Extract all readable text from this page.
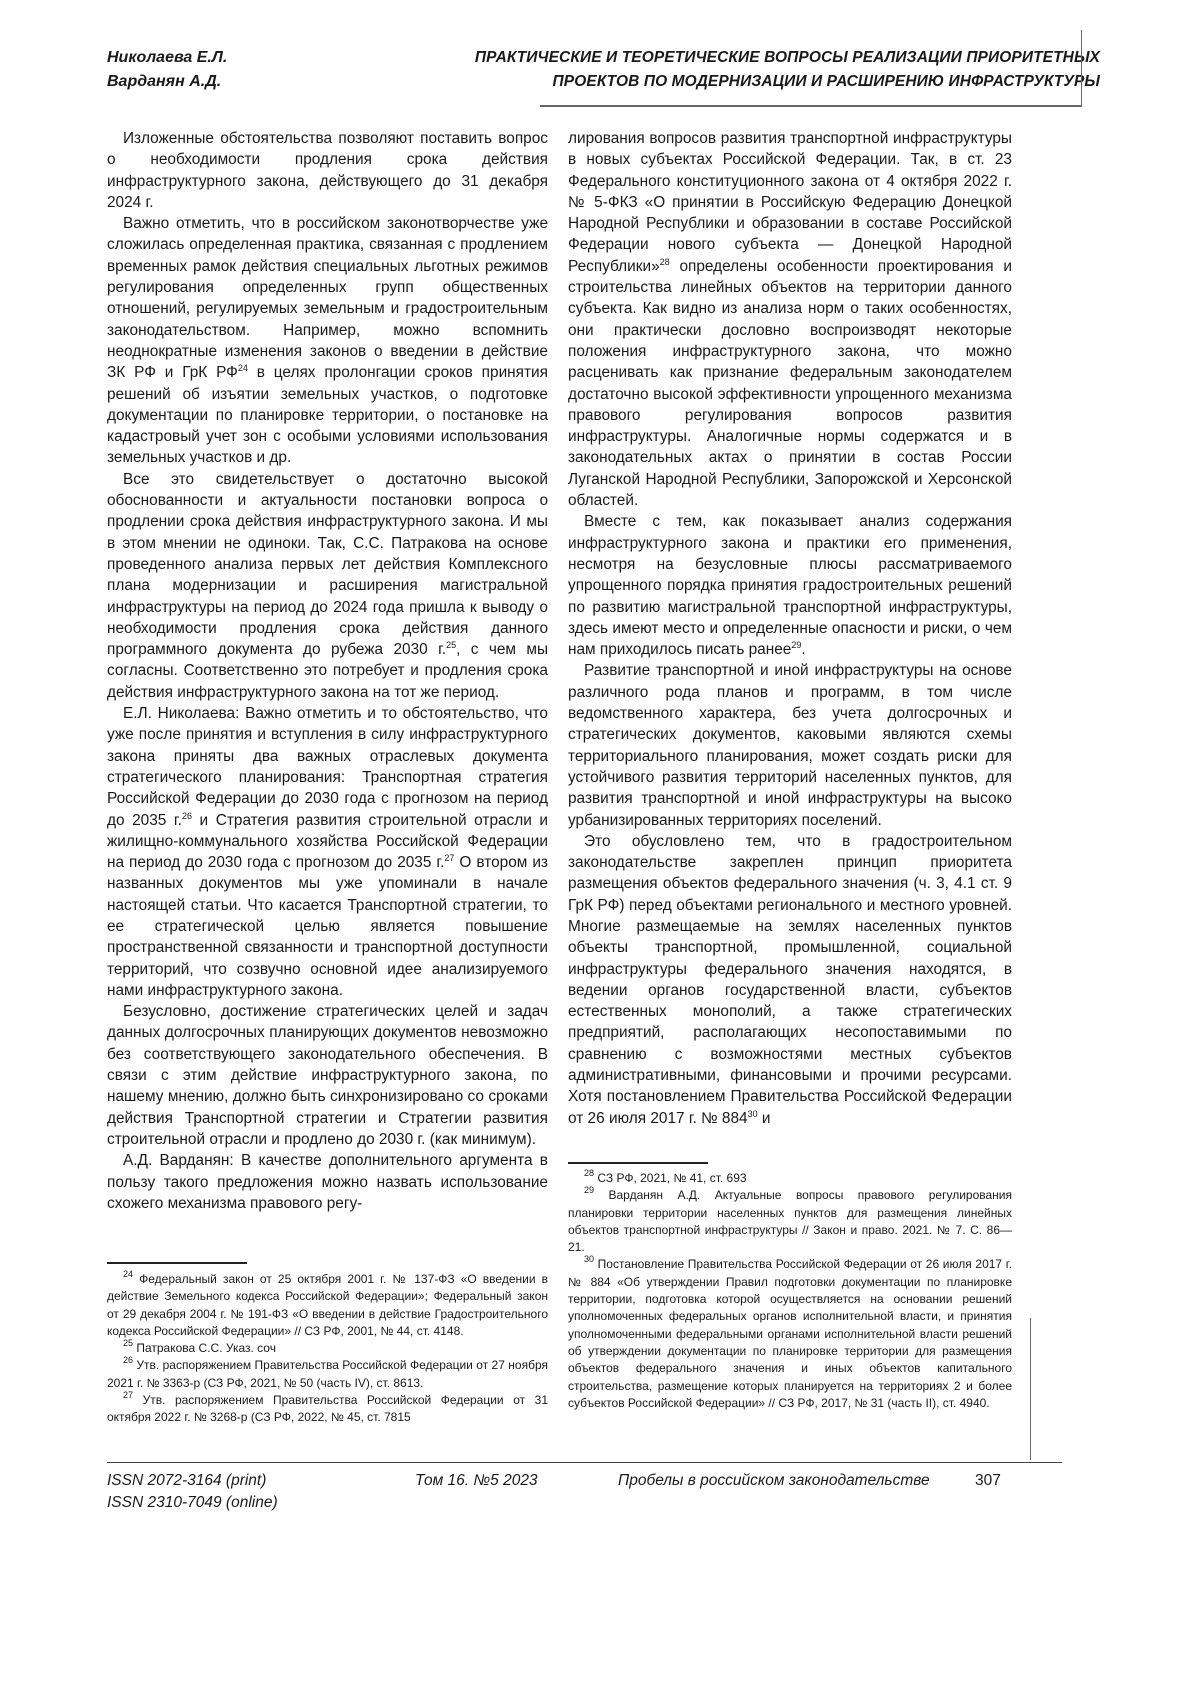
Николаева Е.Л.
Варданян А.Д.
ПРАКТИЧЕСКИЕ И ТЕОРЕТИЧЕСКИЕ ВОПРОСЫ РЕАЛИЗАЦИИ ПРИОРИТЕТНЫХ
ПРОЕКТОВ ПО МОДЕРНИЗАЦИИ И РАСШИРЕНИЮ ИНФРАСТРУКТУРЫ

Изложенные обстоятельства позволяют поставить вопрос о необходимости продления срока действия инфраструктурного закона, действующего до 31 декабря 2024 г.

Важно отметить, что в российском законотворчестве уже сложилась определенная практика, связанная с продлением временных рамок действия специальных льготных режимов регулирования определенных групп общественных отношений, регулируемых земельным и градостроительным законодательством. Например, можно вспомнить неоднократные изменения законов о введении в действие ЗК РФ и ГрК РФ24 в целях пролонгации сроков принятия решений об изъятии земельных участков, о подготовке документации по планировке территории, о постановке на кадастровый учет зон с особыми условиями использования земельных участков и др.

Все это свидетельствует о достаточно высокой обоснованности и актуальности постановки вопроса о продлении срока действия инфраструктурного закона. И мы в этом мнении не одиноки. Так, С.С. Патракова на основе проведенного анализа первых лет действия Комплексного плана модернизации и расширения магистральной инфраструктуры на период до 2024 года пришла к выводу о необходимости продления срока действия данного программного документа до рубежа 2030 г.25, с чем мы согласны. Соответственно это потребует и продления срока действия инфраструктурного закона на тот же период.

Е.Л. Николаева: Важно отметить и то обстоятельство, что уже после принятия и вступления в силу инфраструктурного закона приняты два важных отраслевых документа стратегического планирования: Транспортная стратегия Российской Федерации до 2030 года с прогнозом на период до 2035 г.26 и Стратегия развития строительной отрасли и жилищно-коммунального хозяйства Российской Федерации на период до 2030 года с прогнозом до 2035 г.27 О втором из названных документов мы уже упоминали в начале настоящей статьи. Что касается Транспортной стратегии, то ее стратегической целью является повышение пространственной связанности и транспортной доступности территорий, что созвучно основной идее анализируемого нами инфраструктурного закона.

Безусловно, достижение стратегических целей и задач данных долгосрочных планирующих документов невозможно без соответствующего законодательного обеспечения. В связи с этим действие инфраструктурного закона, по нашему мнению, должно быть синхронизировано со сроками действия Транспортной стратегии и Стратегии развития строительной отрасли и продлено до 2030 г. (как минимум).

А.Д. Варданян: В качестве дополнительного аргумента в пользу такого предложения можно назвать использование схожего механизма правового регу-

лирования вопросов развития транспортной инфраструктуры в новых субъектах Российской Федерации. Так, в ст. 23 Федерального конституционного закона от 4 октября 2022 г. № 5-ФКЗ «О принятии в Российскую Федерацию Донецкой Народной Республики и образовании в составе Российской Федерации нового субъекта — Донецкой Народной Республики»28 определены особенности проектирования и строительства линейных объектов на территории данного субъекта. Как видно из анализа норм о таких особенностях, они практически дословно воспроизводят некоторые положения инфраструктурного закона, что можно расценивать как признание федеральным законодателем достаточно высокой эффективности упрощенного механизма правового регулирования вопросов развития инфраструктуры. Аналогичные нормы содержатся и в законодательных актах о принятии в состав России Луганской Народной Республики, Запорожской и Херсонской областей.

Вместе с тем, как показывает анализ содержания инфраструктурного закона и практики его применения, несмотря на безусловные плюсы рассматриваемого упрощенного порядка принятия градостроительных решений по развитию магистральной транспортной инфраструктуры, здесь имеют место и определенные опасности и риски, о чем нам приходилось писать ранее29.

Развитие транспортной и иной инфраструктуры на основе различного рода планов и программ, в том числе ведомственного характера, без учета долгосрочных и стратегических документов, каковыми являются схемы территориального планирования, может создать риски для устойчивого развития территорий населенных пунктов, для развития транспортной и иной инфраструктуры на высоко урбанизированных территориях поселений.

Это обусловлено тем, что в градостроительном законодательстве закреплен принцип приоритета размещения объектов федерального значения (ч. 3, 4.1 ст. 9 ГрК РФ) перед объектами регионального и местного уровней. Многие размещаемые на землях населенных пунктов объекты транспортной, промышленной, социальной инфраструктуры федерального значения находятся, в ведении органов государственной власти, субъектов естественных монополий, а также стратегических предприятий, располагающих несопоставимыми по сравнению с возможностями местных субъектов административными, финансовыми и прочими ресурсами. Хотя постановлением Правительства Российской Федерации от 26 июля 2017 г. № 88430 и

24 Федеральный закон от 25 октября 2001 г. № 137-ФЗ «О введении в действие Земельного кодекса Российской Федерации»; Федеральный закон от 29 декабря 2004 г. № 191-ФЗ «О введении в действие Градостроительного кодекса Российской Федерации» // СЗ РФ, 2001, № 44, ст. 4148.

25 Патракова С.С. Указ. соч

26 Утв. распоряжением Правительства Российской Федерации от 27 ноября 2021 г. № 3363-р (СЗ РФ, 2021, № 50 (часть IV), ст. 8613.

27 Утв. распоряжением Правительства Российской Федерации от 31 октября 2022 г. № 3268-р (СЗ РФ, 2022, № 45, ст. 7815

28 СЗ РФ, 2021, № 41, ст. 693

29 Варданян А.Д. Актуальные вопросы правового регулирования планировки территории населенных пунктов для размещения линейных объектов транспортной инфраструктуры // Закон и право. 2021. № 7. С. 86—21.

30 Постановление Правительства Российской Федерации от 26 июля 2017 г. № 884 «Об утверждении Правил подготовки документации по планировке территории, подготовка которой осуществляется на основании решений уполномоченных федеральных органов исполнительной власти, и принятия уполномоченными федеральными органами исполнительной власти решений об утверждении документации по планировке территории для размещения объектов федерального значения и иных объектов капитального строительства, размещение которых планируется на территориях 2 и более субъектов Российской Федерации» // СЗ РФ, 2017, № 31 (часть II), ст. 4940.

ISSN 2072-3164 (print)
ISSN 2310-7049 (online)
Том 16. №5 2023	Пробелы в российском законодательстве	307
